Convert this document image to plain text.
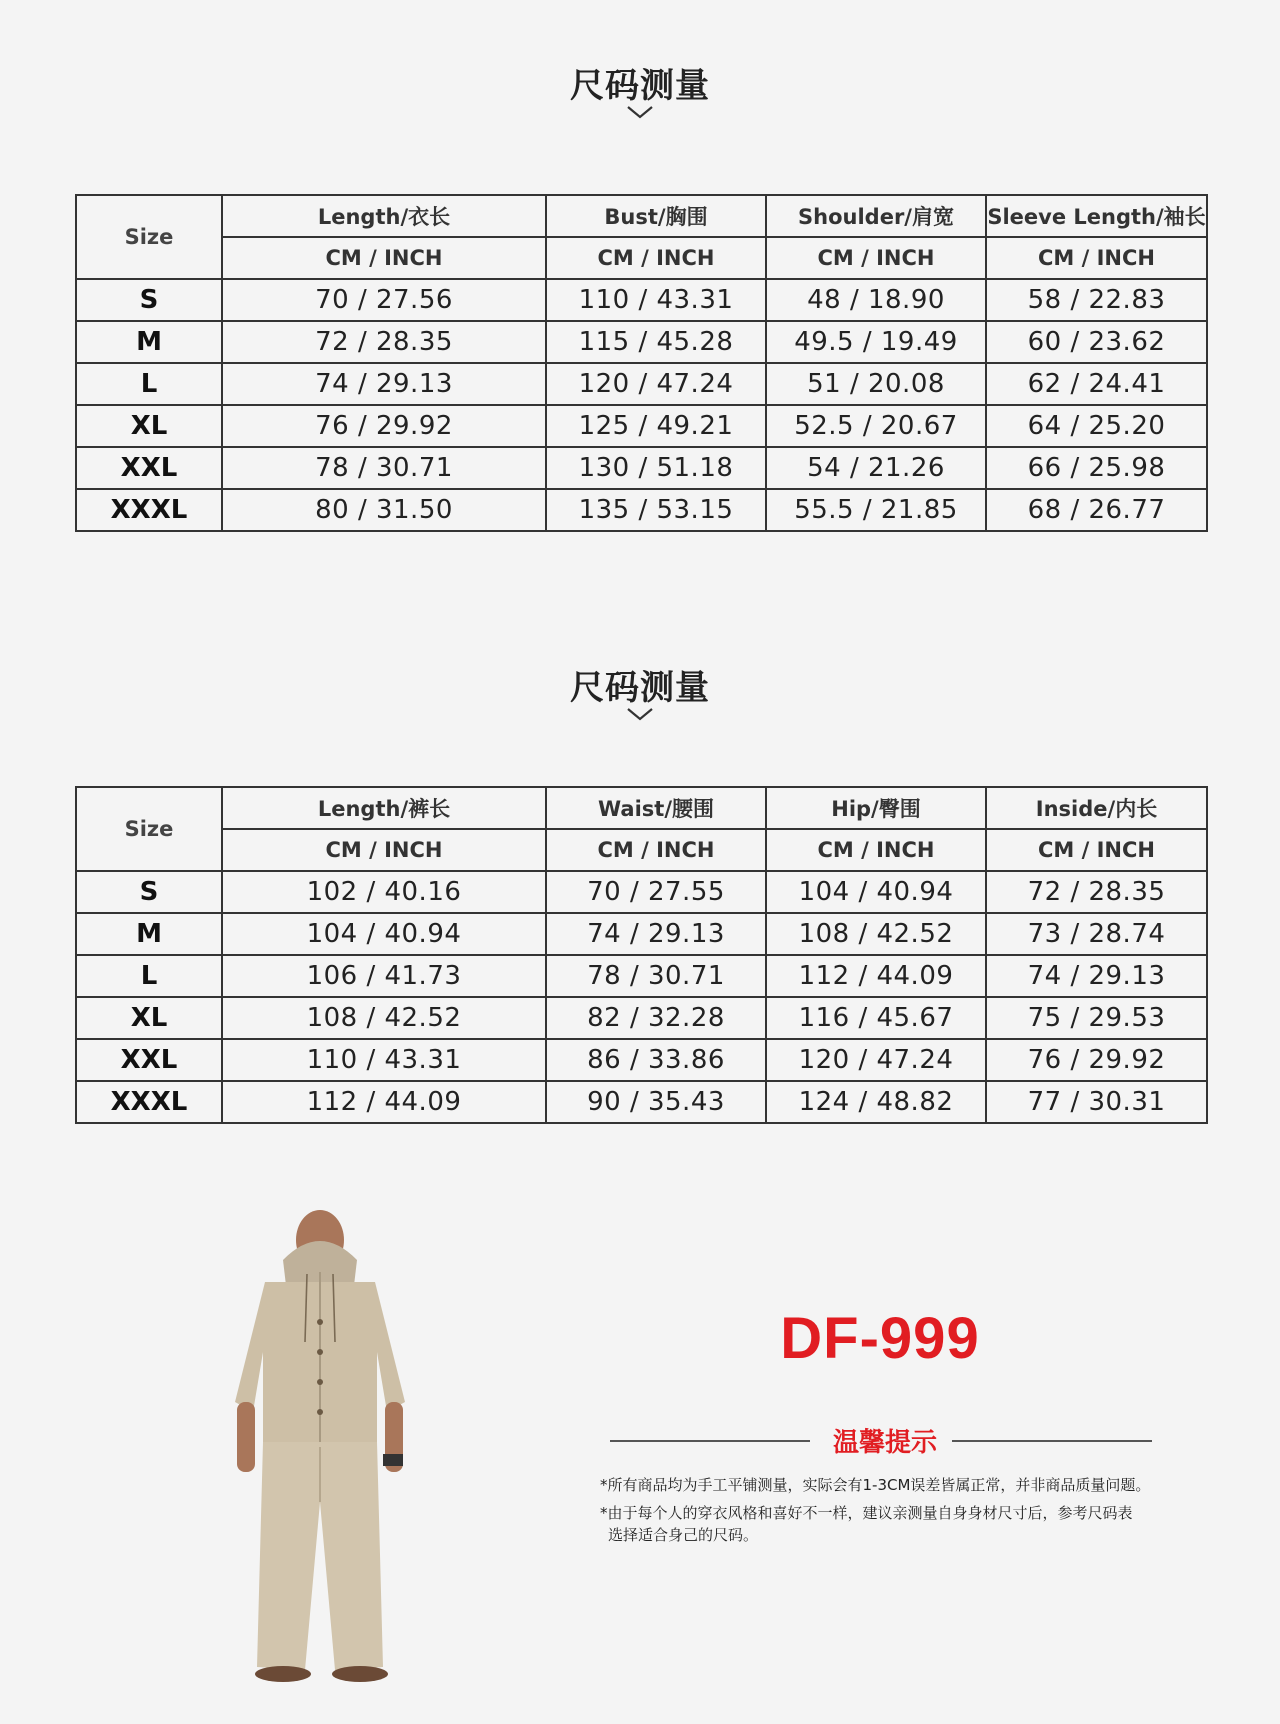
尺码测量
Size	Length/衣长	Bust/胸围	Shoulder/肩宽	Sleeve Length/袖长
	CM / INCH	CM / INCH	CM / INCH	CM / INCH
S	70 / 27.56	110 / 43.31	48 / 18.90	58 / 22.83
M	72 / 28.35	115 / 45.28	49.5 / 19.49	60 / 23.62
L	74 / 29.13	120 / 47.24	51 / 20.08	62 / 24.41
XL	76 / 29.92	125 / 49.21	52.5 / 20.67	64 / 25.20
XXL	78 / 30.71	130 / 51.18	54 / 21.26	66 / 25.98
XXXL	80 / 31.50	135 / 53.15	55.5 / 21.85	68 / 26.77
尺码测量
Size	Length/裤长	Waist/腰围	Hip/臀围	Inside/内长
	CM / INCH	CM / INCH	CM / INCH	CM / INCH
S	102 / 40.16	70 / 27.55	104 / 40.94	72 / 28.35
M	104 / 40.94	74 / 29.13	108 / 42.52	73 / 28.74
L	106 / 41.73	78 / 30.71	112 / 44.09	74 / 29.13
XL	108 / 42.52	82 / 32.28	116 / 45.67	75 / 29.53
XXL	110 / 43.31	86 / 33.86	120 / 47.24	76 / 29.92
XXXL	112 / 44.09	90 / 35.43	124 / 48.82	77 / 30.31
DF-999
温馨提示
*所有商品均为手工平铺测量，实际会有1-3CM误差皆属正常，并非商品质量问题。
*由于每个人的穿衣风格和喜好不一样，建议亲测量自身身材尺寸后，参考尺码表
选择适合身己的尺码。
